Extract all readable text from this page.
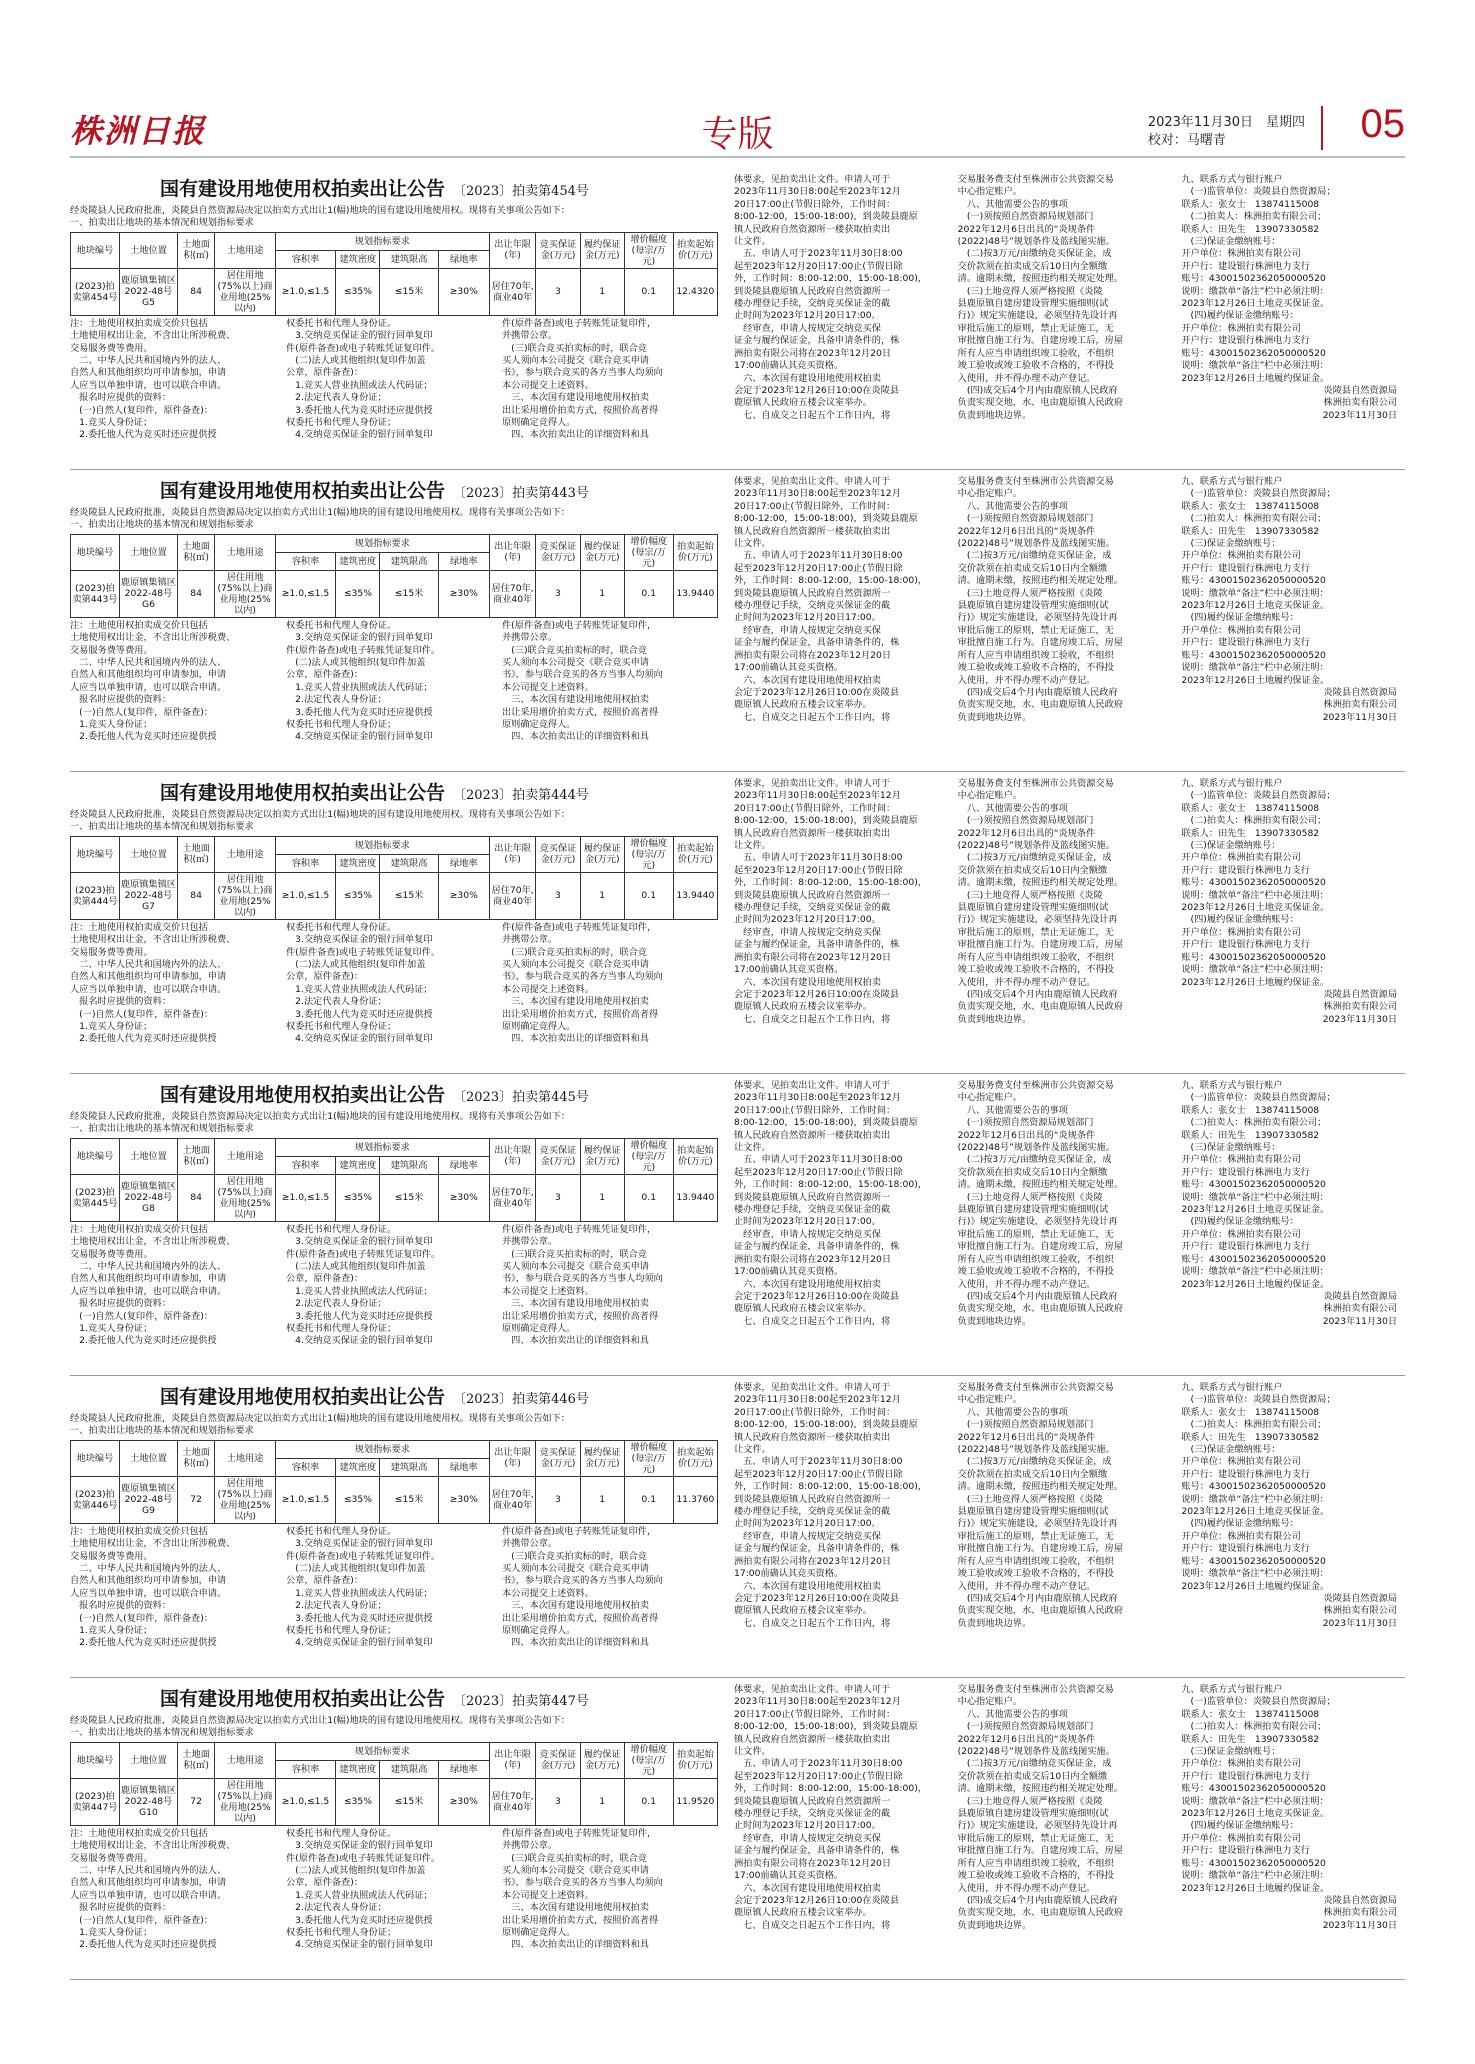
株洲日报	专版	2023年11月30日　星期四
校对：马曙青	05
国有建设用地使用权拍卖出让公告 〔2023〕拍卖第454号
经炎陵县人民政府批准，炎陵县自然资源局决定以拍卖方式出让1(幅)地块的国有建设用地使用权。现将有关事项公告如下：
一、拍卖出让地块的基本情况和规划指标要求
地块编号	土地位置	土地面积(㎡)	土地用途	规划指标要求				出让年限(年)	竞买保证金(万元)	履约保证金(万元)	增价幅度(每宗/万元)	拍卖起始价(万元)
				容积率	建筑密度	建筑限高	绿地率					
(2023)拍卖第454号	鹿原镇集镇区2022-48号G5	84	居住用地(75%以上)商业用地(25%以内)	≥1.0,≤1.5	≤35%	≤15米	≥30%	居住70年,商业40年	3	1	0.1	12.4320
注：土地使用权拍卖成交价只包括
土地使用权出让金，不含出让所涉税费、
交易服务费等费用。
　二、中华人民共和国境内外的法人、
自然人和其他组织均可申请参加，申请
人应当以单独申请，也可以联合申请。
　报名时应提供的资料：
　(一)自然人(复印件，原件备查)：
　1.竞买人身份证；
　2.委托他人代为竞买时还应提供授
权委托书和代理人身份证。
　3.交纳竞买保证金的银行回单复印
件(原件备查)或电子转账凭证复印件。
　(二)法人或其他组织(复印件加盖
公章，原件备查)：
　1.竞买人营业执照或法人代码证；
　2.法定代表人身份证；
　3.委托他人代为竞买时还应提供授
权委托书和代理人身份证；
　4.交纳竞买保证金的银行回单复印
件(原件备查)或电子转账凭证复印件，
并携带公章。
　(三)联合竞买拍卖标的时，联合竞
买人须向本公司提交《联合竞买申请
书》，参与联合竞买的各方当事人均须向
本公司提交上述资料。
　三、本次国有建设用地使用权拍卖
出让采用增价拍卖方式，按照价高者得
原则确定竞得人。
　四、本次拍卖出让的详细资料和具
体要求，见拍卖出让文件。申请人可于
2023年11月30日8:00起至2023年12月
20日17:00止(节假日除外，工作时间：
8:00-12:00，15:00-18:00)，到炎陵县鹿原
镇人民政府自然资源所一楼获取拍卖出
让文件。
　五、申请人可于2023年11月30日8:00
起至2023年12月20日17:00止(节假日除
外，工作时间：8:00-12:00，15:00-18:00)，
到炎陵县鹿原镇人民政府自然资源所一
楼办理登记手续，交纳竞买保证金的截
止时间为2023年12月20日17:00。
　经审查，申请人按规定交纳竞买保
证金与履约保证金，具备申请条件的，株
洲拍卖有限公司将在2023年12月20日
17:00前确认其竞买资格。
　六、本次国有建设用地使用权拍卖
会定于2023年12月26日10:00在炎陵县
鹿原镇人民政府五楼会议室举办。
　七、自成交之日起五个工作日内，将
交易服务费支付至株洲市公共资源交易
中心指定账户。
　八、其他需要公告的事项
　(一)须按照自然资源局规划部门
2022年12月6日出具的“炎规条件
(2022)48号”规划条件及蓝线图实施。
　(二)按3万元/亩缴纳竞买保证金，成
交价款须在拍卖成交后10日内全额缴
清。逾期未缴，按照违约相关规定处理。
　(三)土地竞得人须严格按照《炎陵
县鹿原镇自建房建设管理实施细则(试
行)》规定实施建设，必须坚持先设计再
审批后施工的原则，禁止无证施工，无
审批擅自施工行为。自建房竣工后，房屋
所有人应当申请组织竣工验收，不组织
竣工验收或竣工验收不合格的，不得投
入使用，并不得办理不动产登记。
　(四)成交后4个月内由鹿原镇人民政府
负责实现交地，水、电由鹿原镇人民政府
负责到地块边界。
九、联系方式与银行账户
　(一)监管单位：炎陵县自然资源局；
联系人：张女士　13874115008
　(二)拍卖人：株洲拍卖有限公司；
联系人：田先生　13907330582
　(三)保证金缴纳账号：
开户单位：株洲拍卖有限公司
开户行：建设银行株洲电力支行
账号：43001502362050000520
说明：缴款单“备注”栏中必须注明：
2023年12月26日土地竞买保证金。
　(四)履约保证金缴纳账号：
开户单位：株洲拍卖有限公司
开户行：建设银行株洲电力支行
账号：43001502362050000520
说明：缴款单“备注”栏中必须注明：
2023年12月26日土地履约保证金。
炎陵县自然资源局
株洲拍卖有限公司
2023年11月30日
国有建设用地使用权拍卖出让公告 〔2023〕拍卖第443号
经炎陵县人民政府批准，炎陵县自然资源局决定以拍卖方式出让1(幅)地块的国有建设用地使用权。现将有关事项公告如下：
一、拍卖出让地块的基本情况和规划指标要求
地块编号	土地位置	土地面积(㎡)	土地用途	规划指标要求				出让年限(年)	竞买保证金(万元)	履约保证金(万元)	增价幅度(每宗/万元)	拍卖起始价(万元)
				容积率	建筑密度	建筑限高	绿地率					
(2023)拍卖第443号	鹿原镇集镇区2022-48号G6	84	居住用地(75%以上)商业用地(25%以内)	≥1.0,≤1.5	≤35%	≤15米	≥30%	居住70年,商业40年	3	1	0.1	13.9440
注：土地使用权拍卖成交价只包括
土地使用权出让金，不含出让所涉税费、
交易服务费等费用。
　二、中华人民共和国境内外的法人、
自然人和其他组织均可申请参加，申请
人应当以单独申请，也可以联合申请。
　报名时应提供的资料：
　(一)自然人(复印件，原件备查)：
　1.竞买人身份证；
　2.委托他人代为竞买时还应提供授
权委托书和代理人身份证。
　3.交纳竞买保证金的银行回单复印
件(原件备查)或电子转账凭证复印件。
　(二)法人或其他组织(复印件加盖
公章，原件备查)：
　1.竞买人营业执照或法人代码证；
　2.法定代表人身份证；
　3.委托他人代为竞买时还应提供授
权委托书和代理人身份证；
　4.交纳竞买保证金的银行回单复印
件(原件备查)或电子转账凭证复印件，
并携带公章。
　(三)联合竞买拍卖标的时，联合竞
买人须向本公司提交《联合竞买申请
书》，参与联合竞买的各方当事人均须向
本公司提交上述资料。
　三、本次国有建设用地使用权拍卖
出让采用增价拍卖方式，按照价高者得
原则确定竞得人。
　四、本次拍卖出让的详细资料和具
体要求，见拍卖出让文件。申请人可于
2023年11月30日8:00起至2023年12月
20日17:00止(节假日除外，工作时间：
8:00-12:00，15:00-18:00)，到炎陵县鹿原
镇人民政府自然资源所一楼获取拍卖出
让文件。
　五、申请人可于2023年11月30日8:00
起至2023年12月20日17:00止(节假日除
外，工作时间：8:00-12:00，15:00-18:00)，
到炎陵县鹿原镇人民政府自然资源所一
楼办理登记手续，交纳竞买保证金的截
止时间为2023年12月20日17:00。
　经审查，申请人按规定交纳竞买保
证金与履约保证金，具备申请条件的，株
洲拍卖有限公司将在2023年12月20日
17:00前确认其竞买资格。
　六、本次国有建设用地使用权拍卖
会定于2023年12月26日10:00在炎陵县
鹿原镇人民政府五楼会议室举办。
　七、自成交之日起五个工作日内，将
交易服务费支付至株洲市公共资源交易
中心指定账户。
　八、其他需要公告的事项
　(一)须按照自然资源局规划部门
2022年12月6日出具的“炎规条件
(2022)48号”规划条件及蓝线图实施。
　(二)按3万元/亩缴纳竞买保证金，成
交价款须在拍卖成交后10日内全额缴
清。逾期未缴，按照违约相关规定处理。
　(三)土地竞得人须严格按照《炎陵
县鹿原镇自建房建设管理实施细则(试
行)》规定实施建设，必须坚持先设计再
审批后施工的原则，禁止无证施工，无
审批擅自施工行为。自建房竣工后，房屋
所有人应当申请组织竣工验收，不组织
竣工验收或竣工验收不合格的，不得投
入使用，并不得办理不动产登记。
　(四)成交后4个月内由鹿原镇人民政府
负责实现交地，水、电由鹿原镇人民政府
负责到地块边界。
九、联系方式与银行账户
　(一)监管单位：炎陵县自然资源局；
联系人：张女士　13874115008
　(二)拍卖人：株洲拍卖有限公司；
联系人：田先生　13907330582
　(三)保证金缴纳账号：
开户单位：株洲拍卖有限公司
开户行：建设银行株洲电力支行
账号：43001502362050000520
说明：缴款单“备注”栏中必须注明：
2023年12月26日土地竞买保证金。
　(四)履约保证金缴纳账号：
开户单位：株洲拍卖有限公司
开户行：建设银行株洲电力支行
账号：43001502362050000520
说明：缴款单“备注”栏中必须注明：
2023年12月26日土地履约保证金。
炎陵县自然资源局
株洲拍卖有限公司
2023年11月30日
国有建设用地使用权拍卖出让公告 〔2023〕拍卖第444号
经炎陵县人民政府批准，炎陵县自然资源局决定以拍卖方式出让1(幅)地块的国有建设用地使用权。现将有关事项公告如下：
一、拍卖出让地块的基本情况和规划指标要求
地块编号	土地位置	土地面积(㎡)	土地用途	规划指标要求				出让年限(年)	竞买保证金(万元)	履约保证金(万元)	增价幅度(每宗/万元)	拍卖起始价(万元)
				容积率	建筑密度	建筑限高	绿地率					
(2023)拍卖第444号	鹿原镇集镇区2022-48号G7	84	居住用地(75%以上)商业用地(25%以内)	≥1.0,≤1.5	≤35%	≤15米	≥30%	居住70年,商业40年	3	1	0.1	13.9440
注：土地使用权拍卖成交价只包括
土地使用权出让金，不含出让所涉税费、
交易服务费等费用。
　二、中华人民共和国境内外的法人、
自然人和其他组织均可申请参加，申请
人应当以单独申请，也可以联合申请。
　报名时应提供的资料：
　(一)自然人(复印件，原件备查)：
　1.竞买人身份证；
　2.委托他人代为竞买时还应提供授
权委托书和代理人身份证。
　3.交纳竞买保证金的银行回单复印
件(原件备查)或电子转账凭证复印件。
　(二)法人或其他组织(复印件加盖
公章，原件备查)：
　1.竞买人营业执照或法人代码证；
　2.法定代表人身份证；
　3.委托他人代为竞买时还应提供授
权委托书和代理人身份证；
　4.交纳竞买保证金的银行回单复印
件(原件备查)或电子转账凭证复印件，
并携带公章。
　(三)联合竞买拍卖标的时，联合竞
买人须向本公司提交《联合竞买申请
书》，参与联合竞买的各方当事人均须向
本公司提交上述资料。
　三、本次国有建设用地使用权拍卖
出让采用增价拍卖方式，按照价高者得
原则确定竞得人。
　四、本次拍卖出让的详细资料和具
体要求，见拍卖出让文件。申请人可于
2023年11月30日8:00起至2023年12月
20日17:00止(节假日除外，工作时间：
8:00-12:00，15:00-18:00)，到炎陵县鹿原
镇人民政府自然资源所一楼获取拍卖出
让文件。
　五、申请人可于2023年11月30日8:00
起至2023年12月20日17:00止(节假日除
外，工作时间：8:00-12:00，15:00-18:00)，
到炎陵县鹿原镇人民政府自然资源所一
楼办理登记手续，交纳竞买保证金的截
止时间为2023年12月20日17:00。
　经审查，申请人按规定交纳竞买保
证金与履约保证金，具备申请条件的，株
洲拍卖有限公司将在2023年12月20日
17:00前确认其竞买资格。
　六、本次国有建设用地使用权拍卖
会定于2023年12月26日10:00在炎陵县
鹿原镇人民政府五楼会议室举办。
　七、自成交之日起五个工作日内，将
交易服务费支付至株洲市公共资源交易
中心指定账户。
　八、其他需要公告的事项
　(一)须按照自然资源局规划部门
2022年12月6日出具的“炎规条件
(2022)48号”规划条件及蓝线图实施。
　(二)按3万元/亩缴纳竞买保证金，成
交价款须在拍卖成交后10日内全额缴
清。逾期未缴，按照违约相关规定处理。
　(三)土地竞得人须严格按照《炎陵
县鹿原镇自建房建设管理实施细则(试
行)》规定实施建设，必须坚持先设计再
审批后施工的原则，禁止无证施工，无
审批擅自施工行为。自建房竣工后，房屋
所有人应当申请组织竣工验收，不组织
竣工验收或竣工验收不合格的，不得投
入使用，并不得办理不动产登记。
　(四)成交后4个月内由鹿原镇人民政府
负责实现交地，水、电由鹿原镇人民政府
负责到地块边界。
九、联系方式与银行账户
　(一)监管单位：炎陵县自然资源局；
联系人：张女士　13874115008
　(二)拍卖人：株洲拍卖有限公司；
联系人：田先生　13907330582
　(三)保证金缴纳账号：
开户单位：株洲拍卖有限公司
开户行：建设银行株洲电力支行
账号：43001502362050000520
说明：缴款单“备注”栏中必须注明：
2023年12月26日土地竞买保证金。
　(四)履约保证金缴纳账号：
开户单位：株洲拍卖有限公司
开户行：建设银行株洲电力支行
账号：43001502362050000520
说明：缴款单“备注”栏中必须注明：
2023年12月26日土地履约保证金。
炎陵县自然资源局
株洲拍卖有限公司
2023年11月30日
国有建设用地使用权拍卖出让公告 〔2023〕拍卖第445号
经炎陵县人民政府批准，炎陵县自然资源局决定以拍卖方式出让1(幅)地块的国有建设用地使用权。现将有关事项公告如下：
一、拍卖出让地块的基本情况和规划指标要求
地块编号	土地位置	土地面积(㎡)	土地用途	规划指标要求				出让年限(年)	竞买保证金(万元)	履约保证金(万元)	增价幅度(每宗/万元)	拍卖起始价(万元)
				容积率	建筑密度	建筑限高	绿地率					
(2023)拍卖第445号	鹿原镇集镇区2022-48号G8	84	居住用地(75%以上)商业用地(25%以内)	≥1.0,≤1.5	≤35%	≤15米	≥30%	居住70年,商业40年	3	1	0.1	13.9440
注：土地使用权拍卖成交价只包括
土地使用权出让金，不含出让所涉税费、
交易服务费等费用。
　二、中华人民共和国境内外的法人、
自然人和其他组织均可申请参加，申请
人应当以单独申请，也可以联合申请。
　报名时应提供的资料：
　(一)自然人(复印件，原件备查)：
　1.竞买人身份证；
　2.委托他人代为竞买时还应提供授
权委托书和代理人身份证。
　3.交纳竞买保证金的银行回单复印
件(原件备查)或电子转账凭证复印件。
　(二)法人或其他组织(复印件加盖
公章，原件备查)：
　1.竞买人营业执照或法人代码证；
　2.法定代表人身份证；
　3.委托他人代为竞买时还应提供授
权委托书和代理人身份证；
　4.交纳竞买保证金的银行回单复印
件(原件备查)或电子转账凭证复印件，
并携带公章。
　(三)联合竞买拍卖标的时，联合竞
买人须向本公司提交《联合竞买申请
书》，参与联合竞买的各方当事人均须向
本公司提交上述资料。
　三、本次国有建设用地使用权拍卖
出让采用增价拍卖方式，按照价高者得
原则确定竞得人。
　四、本次拍卖出让的详细资料和具
体要求，见拍卖出让文件。申请人可于
2023年11月30日8:00起至2023年12月
20日17:00止(节假日除外，工作时间：
8:00-12:00，15:00-18:00)，到炎陵县鹿原
镇人民政府自然资源所一楼获取拍卖出
让文件。
　五、申请人可于2023年11月30日8:00
起至2023年12月20日17:00止(节假日除
外，工作时间：8:00-12:00，15:00-18:00)，
到炎陵县鹿原镇人民政府自然资源所一
楼办理登记手续，交纳竞买保证金的截
止时间为2023年12月20日17:00。
　经审查，申请人按规定交纳竞买保
证金与履约保证金，具备申请条件的，株
洲拍卖有限公司将在2023年12月20日
17:00前确认其竞买资格。
　六、本次国有建设用地使用权拍卖
会定于2023年12月26日10:00在炎陵县
鹿原镇人民政府五楼会议室举办。
　七、自成交之日起五个工作日内，将
交易服务费支付至株洲市公共资源交易
中心指定账户。
　八、其他需要公告的事项
　(一)须按照自然资源局规划部门
2022年12月6日出具的“炎规条件
(2022)48号”规划条件及蓝线图实施。
　(二)按3万元/亩缴纳竞买保证金，成
交价款须在拍卖成交后10日内全额缴
清。逾期未缴，按照违约相关规定处理。
　(三)土地竞得人须严格按照《炎陵
县鹿原镇自建房建设管理实施细则(试
行)》规定实施建设，必须坚持先设计再
审批后施工的原则，禁止无证施工，无
审批擅自施工行为。自建房竣工后，房屋
所有人应当申请组织竣工验收，不组织
竣工验收或竣工验收不合格的，不得投
入使用，并不得办理不动产登记。
　(四)成交后4个月内由鹿原镇人民政府
负责实现交地，水、电由鹿原镇人民政府
负责到地块边界。
九、联系方式与银行账户
　(一)监管单位：炎陵县自然资源局；
联系人：张女士　13874115008
　(二)拍卖人：株洲拍卖有限公司；
联系人：田先生　13907330582
　(三)保证金缴纳账号：
开户单位：株洲拍卖有限公司
开户行：建设银行株洲电力支行
账号：43001502362050000520
说明：缴款单“备注”栏中必须注明：
2023年12月26日土地竞买保证金。
　(四)履约保证金缴纳账号：
开户单位：株洲拍卖有限公司
开户行：建设银行株洲电力支行
账号：43001502362050000520
说明：缴款单“备注”栏中必须注明：
2023年12月26日土地履约保证金。
炎陵县自然资源局
株洲拍卖有限公司
2023年11月30日
国有建设用地使用权拍卖出让公告 〔2023〕拍卖第446号
经炎陵县人民政府批准，炎陵县自然资源局决定以拍卖方式出让1(幅)地块的国有建设用地使用权。现将有关事项公告如下：
一、拍卖出让地块的基本情况和规划指标要求
地块编号	土地位置	土地面积(㎡)	土地用途	规划指标要求				出让年限(年)	竞买保证金(万元)	履约保证金(万元)	增价幅度(每宗/万元)	拍卖起始价(万元)
				容积率	建筑密度	建筑限高	绿地率					
(2023)拍卖第446号	鹿原镇集镇区2022-48号G9	72	居住用地(75%以上)商业用地(25%以内)	≥1.0,≤1.5	≤35%	≤15米	≥30%	居住70年,商业40年	3	1	0.1	11.3760
注：土地使用权拍卖成交价只包括
土地使用权出让金，不含出让所涉税费、
交易服务费等费用。
　二、中华人民共和国境内外的法人、
自然人和其他组织均可申请参加，申请
人应当以单独申请，也可以联合申请。
　报名时应提供的资料：
　(一)自然人(复印件，原件备查)：
　1.竞买人身份证；
　2.委托他人代为竞买时还应提供授
权委托书和代理人身份证。
　3.交纳竞买保证金的银行回单复印
件(原件备查)或电子转账凭证复印件。
　(二)法人或其他组织(复印件加盖
公章，原件备查)：
　1.竞买人营业执照或法人代码证；
　2.法定代表人身份证；
　3.委托他人代为竞买时还应提供授
权委托书和代理人身份证；
　4.交纳竞买保证金的银行回单复印
件(原件备查)或电子转账凭证复印件，
并携带公章。
　(三)联合竞买拍卖标的时，联合竞
买人须向本公司提交《联合竞买申请
书》，参与联合竞买的各方当事人均须向
本公司提交上述资料。
　三、本次国有建设用地使用权拍卖
出让采用增价拍卖方式，按照价高者得
原则确定竞得人。
　四、本次拍卖出让的详细资料和具
体要求，见拍卖出让文件。申请人可于
2023年11月30日8:00起至2023年12月
20日17:00止(节假日除外，工作时间：
8:00-12:00，15:00-18:00)，到炎陵县鹿原
镇人民政府自然资源所一楼获取拍卖出
让文件。
　五、申请人可于2023年11月30日8:00
起至2023年12月20日17:00止(节假日除
外，工作时间：8:00-12:00，15:00-18:00)，
到炎陵县鹿原镇人民政府自然资源所一
楼办理登记手续，交纳竞买保证金的截
止时间为2023年12月20日17:00。
　经审查，申请人按规定交纳竞买保
证金与履约保证金，具备申请条件的，株
洲拍卖有限公司将在2023年12月20日
17:00前确认其竞买资格。
　六、本次国有建设用地使用权拍卖
会定于2023年12月26日10:00在炎陵县
鹿原镇人民政府五楼会议室举办。
　七、自成交之日起五个工作日内，将
交易服务费支付至株洲市公共资源交易
中心指定账户。
　八、其他需要公告的事项
　(一)须按照自然资源局规划部门
2022年12月6日出具的“炎规条件
(2022)48号”规划条件及蓝线图实施。
　(二)按3万元/亩缴纳竞买保证金，成
交价款须在拍卖成交后10日内全额缴
清。逾期未缴，按照违约相关规定处理。
　(三)土地竞得人须严格按照《炎陵
县鹿原镇自建房建设管理实施细则(试
行)》规定实施建设，必须坚持先设计再
审批后施工的原则，禁止无证施工，无
审批擅自施工行为。自建房竣工后，房屋
所有人应当申请组织竣工验收，不组织
竣工验收或竣工验收不合格的，不得投
入使用，并不得办理不动产登记。
　(四)成交后4个月内由鹿原镇人民政府
负责实现交地，水、电由鹿原镇人民政府
负责到地块边界。
九、联系方式与银行账户
　(一)监管单位：炎陵县自然资源局；
联系人：张女士　13874115008
　(二)拍卖人：株洲拍卖有限公司；
联系人：田先生　13907330582
　(三)保证金缴纳账号：
开户单位：株洲拍卖有限公司
开户行：建设银行株洲电力支行
账号：43001502362050000520
说明：缴款单“备注”栏中必须注明：
2023年12月26日土地竞买保证金。
　(四)履约保证金缴纳账号：
开户单位：株洲拍卖有限公司
开户行：建设银行株洲电力支行
账号：43001502362050000520
说明：缴款单“备注”栏中必须注明：
2023年12月26日土地履约保证金。
炎陵县自然资源局
株洲拍卖有限公司
2023年11月30日
国有建设用地使用权拍卖出让公告 〔2023〕拍卖第447号
经炎陵县人民政府批准，炎陵县自然资源局决定以拍卖方式出让1(幅)地块的国有建设用地使用权。现将有关事项公告如下：
一、拍卖出让地块的基本情况和规划指标要求
地块编号	土地位置	土地面积(㎡)	土地用途	规划指标要求				出让年限(年)	竞买保证金(万元)	履约保证金(万元)	增价幅度(每宗/万元)	拍卖起始价(万元)
				容积率	建筑密度	建筑限高	绿地率					
(2023)拍卖第447号	鹿原镇集镇区2022-48号G10	72	居住用地(75%以上)商业用地(25%以内)	≥1.0,≤1.5	≤35%	≤15米	≥30%	居住70年,商业40年	3	1	0.1	11.9520
注：土地使用权拍卖成交价只包括
土地使用权出让金，不含出让所涉税费、
交易服务费等费用。
　二、中华人民共和国境内外的法人、
自然人和其他组织均可申请参加，申请
人应当以单独申请，也可以联合申请。
　报名时应提供的资料：
　(一)自然人(复印件，原件备查)：
　1.竞买人身份证；
　2.委托他人代为竞买时还应提供授
权委托书和代理人身份证。
　3.交纳竞买保证金的银行回单复印
件(原件备查)或电子转账凭证复印件。
　(二)法人或其他组织(复印件加盖
公章，原件备查)：
　1.竞买人营业执照或法人代码证；
　2.法定代表人身份证；
　3.委托他人代为竞买时还应提供授
权委托书和代理人身份证；
　4.交纳竞买保证金的银行回单复印
件(原件备查)或电子转账凭证复印件，
并携带公章。
　(三)联合竞买拍卖标的时，联合竞
买人须向本公司提交《联合竞买申请
书》，参与联合竞买的各方当事人均须向
本公司提交上述资料。
　三、本次国有建设用地使用权拍卖
出让采用增价拍卖方式，按照价高者得
原则确定竞得人。
　四、本次拍卖出让的详细资料和具
体要求，见拍卖出让文件。申请人可于
2023年11月30日8:00起至2023年12月
20日17:00止(节假日除外，工作时间：
8:00-12:00，15:00-18:00)，到炎陵县鹿原
镇人民政府自然资源所一楼获取拍卖出
让文件。
　五、申请人可于2023年11月30日8:00
起至2023年12月20日17:00止(节假日除
外，工作时间：8:00-12:00，15:00-18:00)，
到炎陵县鹿原镇人民政府自然资源所一
楼办理登记手续，交纳竞买保证金的截
止时间为2023年12月20日17:00。
　经审查，申请人按规定交纳竞买保
证金与履约保证金，具备申请条件的，株
洲拍卖有限公司将在2023年12月20日
17:00前确认其竞买资格。
　六、本次国有建设用地使用权拍卖
会定于2023年12月26日10:00在炎陵县
鹿原镇人民政府五楼会议室举办。
　七、自成交之日起五个工作日内，将
交易服务费支付至株洲市公共资源交易
中心指定账户。
　八、其他需要公告的事项
　(一)须按照自然资源局规划部门
2022年12月6日出具的“炎规条件
(2022)48号”规划条件及蓝线图实施。
　(二)按3万元/亩缴纳竞买保证金，成
交价款须在拍卖成交后10日内全额缴
清。逾期未缴，按照违约相关规定处理。
　(三)土地竞得人须严格按照《炎陵
县鹿原镇自建房建设管理实施细则(试
行)》规定实施建设，必须坚持先设计再
审批后施工的原则，禁止无证施工，无
审批擅自施工行为。自建房竣工后，房屋
所有人应当申请组织竣工验收，不组织
竣工验收或竣工验收不合格的，不得投
入使用，并不得办理不动产登记。
　(四)成交后4个月内由鹿原镇人民政府
负责实现交地，水、电由鹿原镇人民政府
负责到地块边界。
九、联系方式与银行账户
　(一)监管单位：炎陵县自然资源局；
联系人：张女士　13874115008
　(二)拍卖人：株洲拍卖有限公司；
联系人：田先生　13907330582
　(三)保证金缴纳账号：
开户单位：株洲拍卖有限公司
开户行：建设银行株洲电力支行
账号：43001502362050000520
说明：缴款单“备注”栏中必须注明：
2023年12月26日土地竞买保证金。
　(四)履约保证金缴纳账号：
开户单位：株洲拍卖有限公司
开户行：建设银行株洲电力支行
账号：43001502362050000520
说明：缴款单“备注”栏中必须注明：
2023年12月26日土地履约保证金。
炎陵县自然资源局
株洲拍卖有限公司
2023年11月30日
